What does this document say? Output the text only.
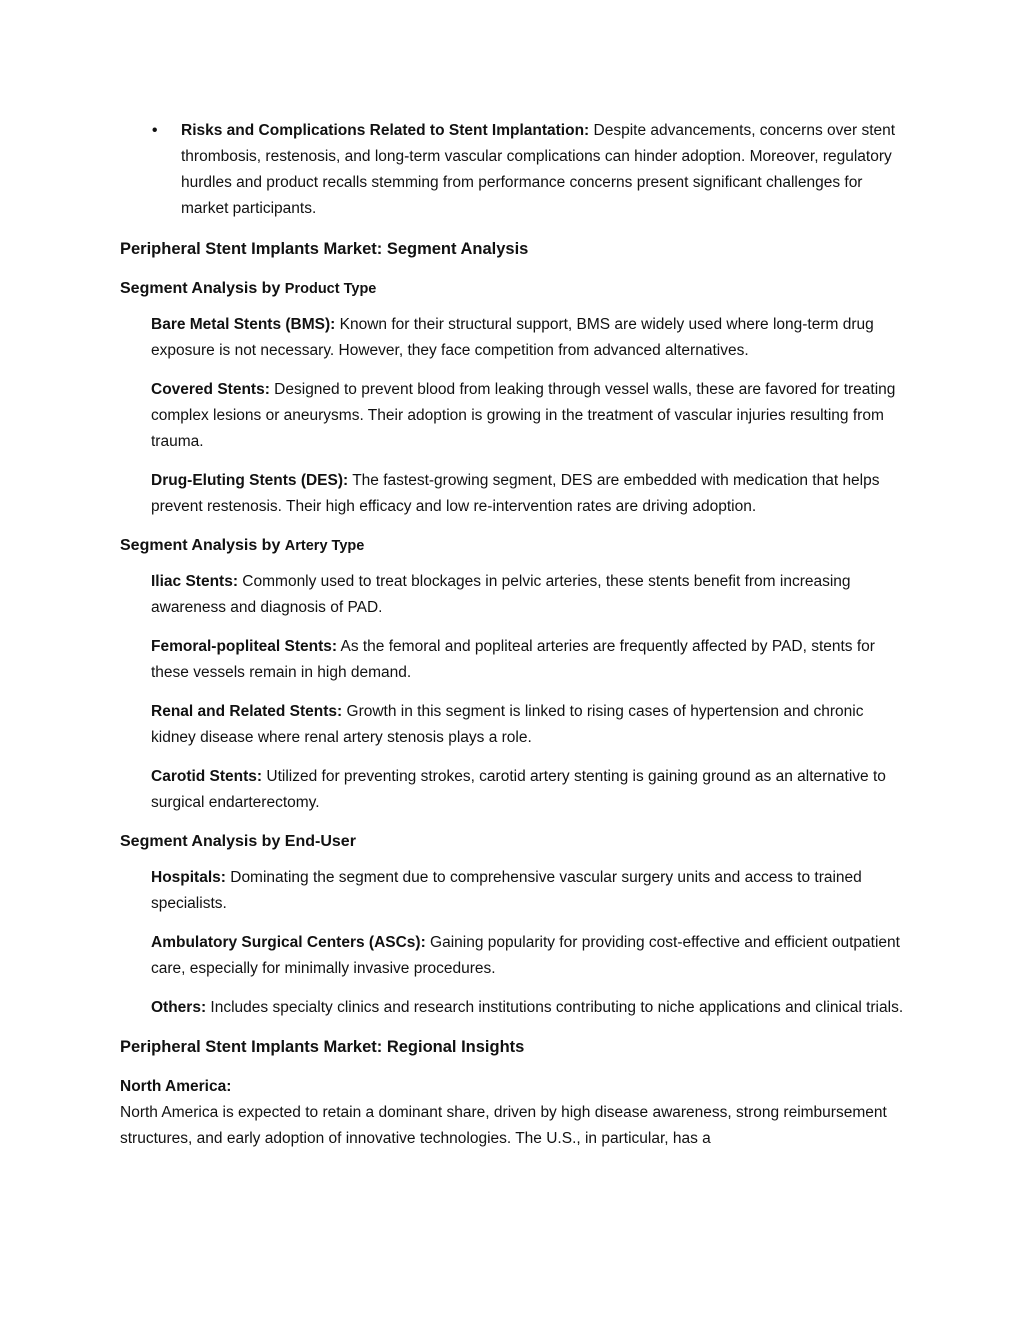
• Risks and Complications Related to Stent Implantation: Despite advancements, concerns over stent thrombosis, restenosis, and long-term vascular complications can hinder adoption. Moreover, regulatory hurdles and product recalls stemming from performance concerns present significant challenges for market participants.
Peripheral Stent Implants Market: Segment Analysis
Segment Analysis by Product Type
Bare Metal Stents (BMS): Known for their structural support, BMS are widely used where long-term drug exposure is not necessary. However, they face competition from advanced alternatives.
Covered Stents: Designed to prevent blood from leaking through vessel walls, these are favored for treating complex lesions or aneurysms. Their adoption is growing in the treatment of vascular injuries resulting from trauma.
Drug-Eluting Stents (DES): The fastest-growing segment, DES are embedded with medication that helps prevent restenosis. Their high efficacy and low re-intervention rates are driving adoption.
Segment Analysis by Artery Type
Iliac Stents: Commonly used to treat blockages in pelvic arteries, these stents benefit from increasing awareness and diagnosis of PAD.
Femoral-popliteal Stents: As the femoral and popliteal arteries are frequently affected by PAD, stents for these vessels remain in high demand.
Renal and Related Stents: Growth in this segment is linked to rising cases of hypertension and chronic kidney disease where renal artery stenosis plays a role.
Carotid Stents: Utilized for preventing strokes, carotid artery stenting is gaining ground as an alternative to surgical endarterectomy.
Segment Analysis by End-User
Hospitals: Dominating the segment due to comprehensive vascular surgery units and access to trained specialists.
Ambulatory Surgical Centers (ASCs): Gaining popularity for providing cost-effective and efficient outpatient care, especially for minimally invasive procedures.
Others: Includes specialty clinics and research institutions contributing to niche applications and clinical trials.
Peripheral Stent Implants Market: Regional Insights
North America:
North America is expected to retain a dominant share, driven by high disease awareness, strong reimbursement structures, and early adoption of innovative technologies. The U.S., in particular, has a
